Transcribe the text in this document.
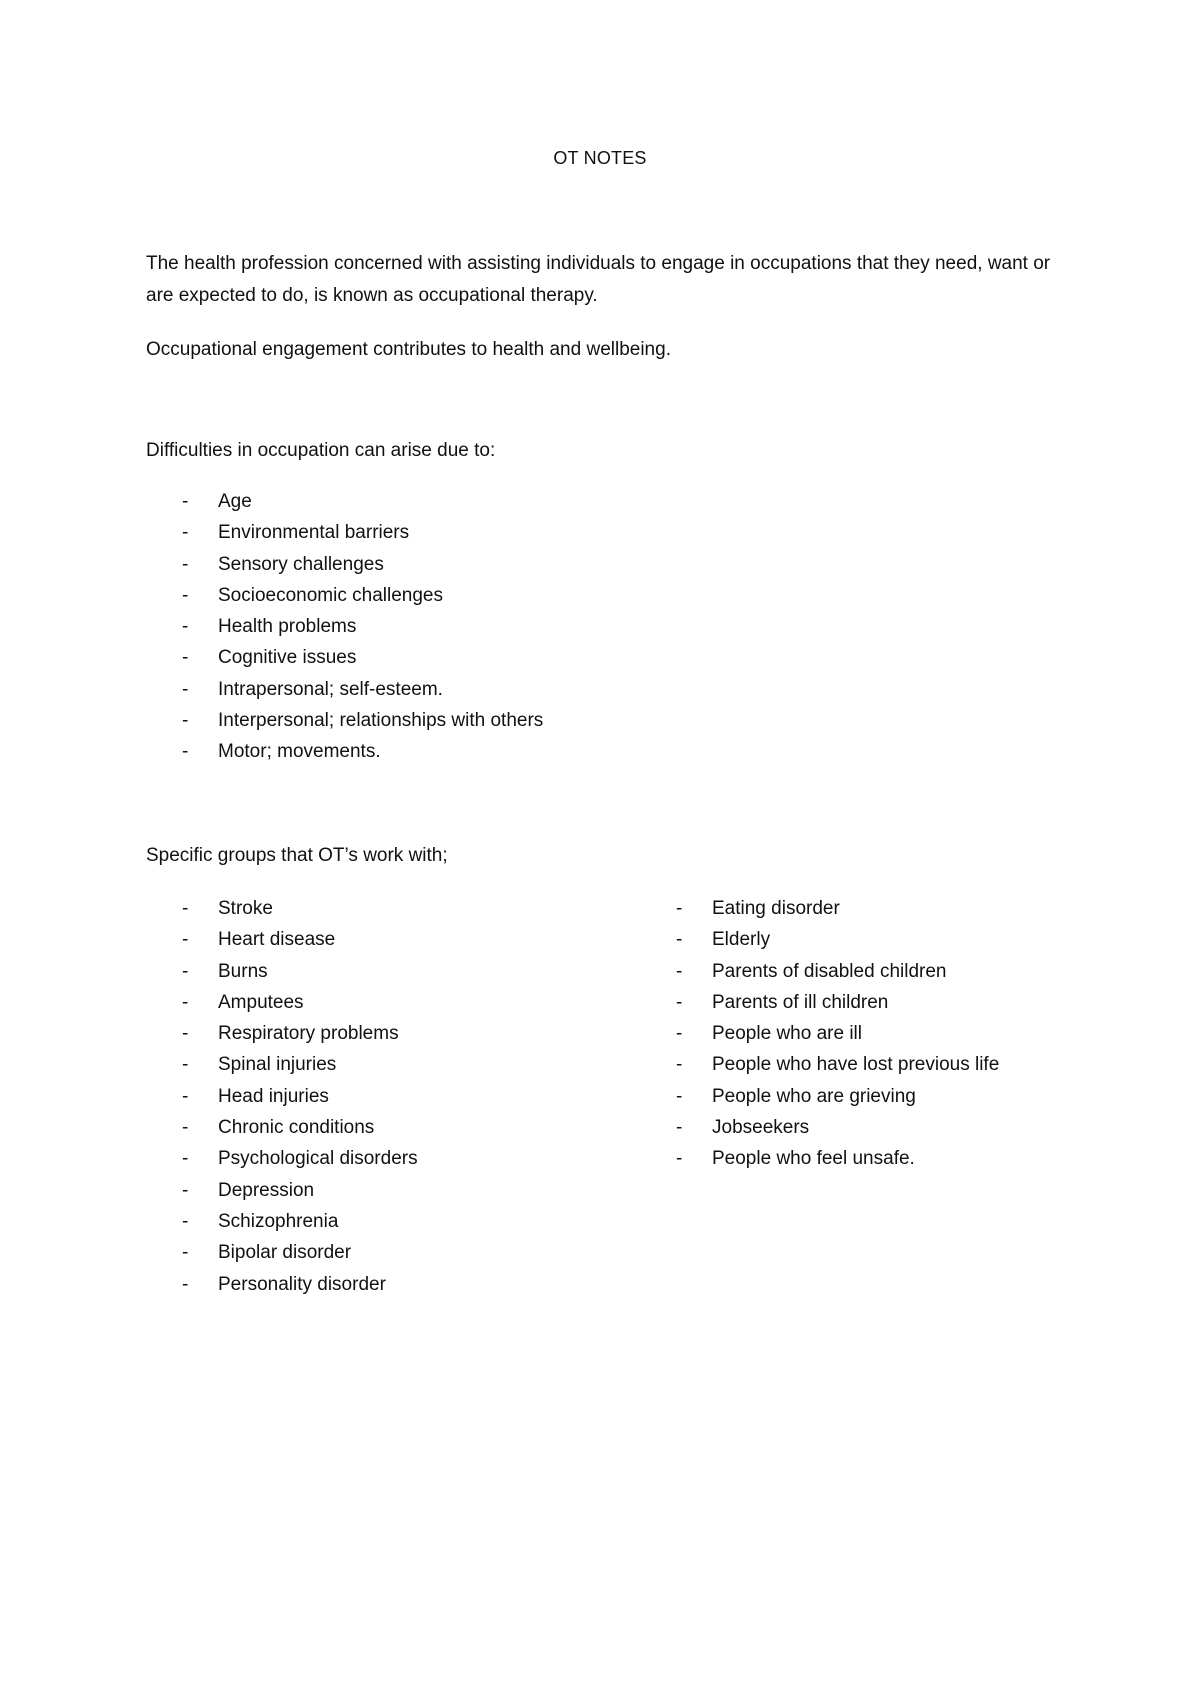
OT NOTES

The health profession concerned with assisting individuals to engage in occupations that they need, want or are expected to do, is known as occupational therapy.

Occupational engagement contributes to health and wellbeing.

Difficulties in occupation can arise due to:

- Age
- Environmental barriers
- Sensory challenges
- Socioeconomic challenges
- Health problems
- Cognitive issues
- Intrapersonal; self-esteem.
- Interpersonal; relationships with others
- Motor; movements.

Specific groups that OT’s work with;

- Stroke
- Heart disease
- Burns
- Amputees
- Respiratory problems
- Spinal injuries
- Head injuries
- Chronic conditions
- Psychological disorders
- Depression
- Schizophrenia
- Bipolar disorder
- Personality disorder
- Eating disorder
- Elderly
- Parents of disabled children
- Parents of ill children
- People who are ill
- People who have lost previous life
- People who are grieving
- Jobseekers
- People who feel unsafe.
